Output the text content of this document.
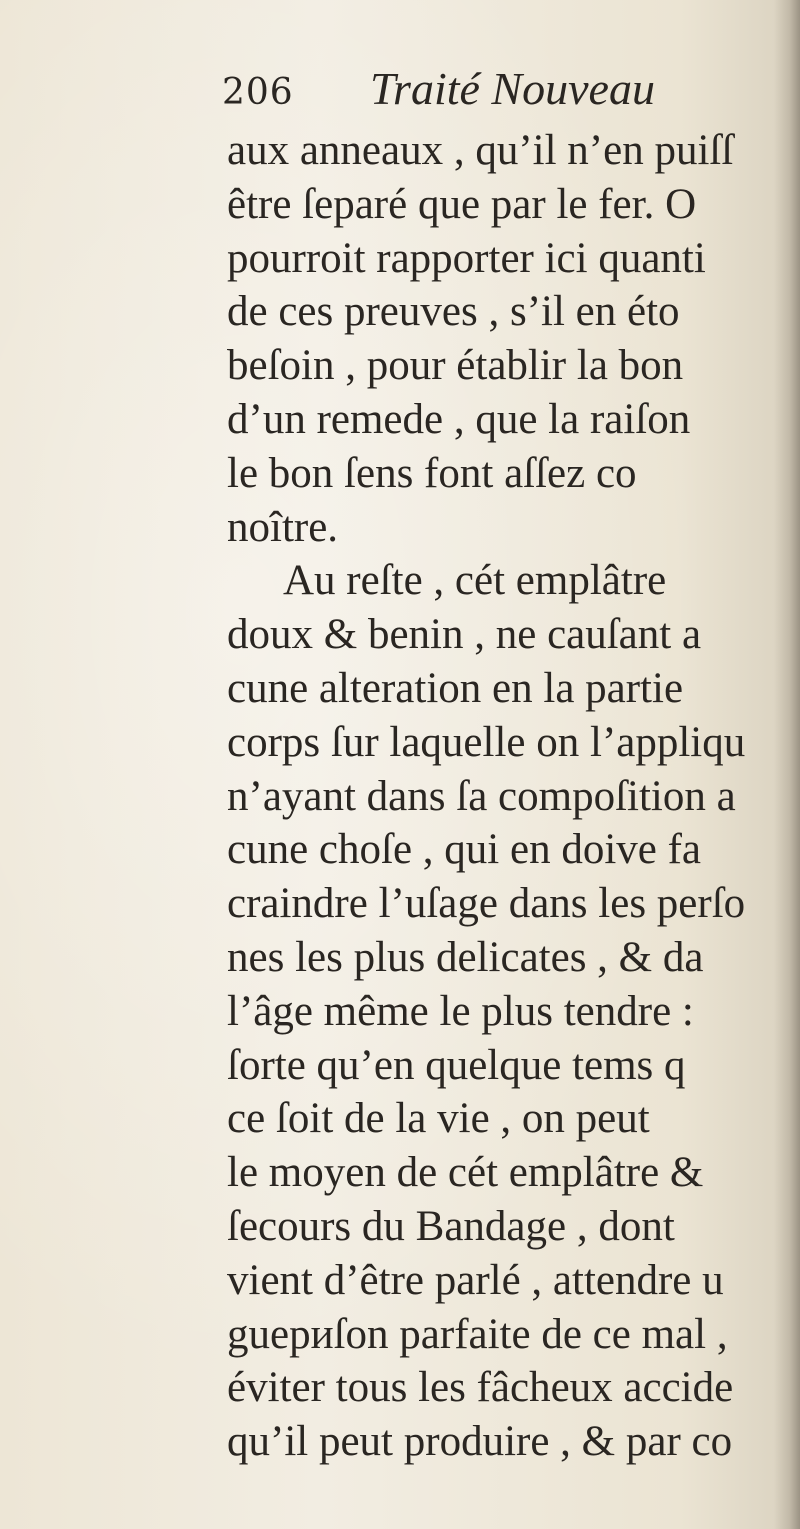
206 Traité Nouveau
aux anneaux , qu’il n’en puiſſ
être ſeparé que par le fer. O
pourroit rapporter ici quanti
de ces preuves , s’il en éto
beſoin , pour établir la bon
d’un remede , que la raiſon
le bon ſens font aſſez co
noître.
Au reſte , cét emplâtre
doux & benin , ne cauſant a
cune alteration en la partie
corps ſur laquelle on l’appliqu
n’ayant dans ſa compoſition a
cune choſe , qui en doive fa
craindre l’uſage dans les perſo
nes les plus delicates , & da
l’âge même le plus tendre :
ſorte qu’en quelque tems q
ce ſoit de la vie , on peut
le moyen de cét emplâtre &
ſecours du Bandage , dont
vient d’être parlé , attendre u
guериſon parfaite de ce mal ,
éviter tous les fâcheux accide
qu’il peut produire , & par co
